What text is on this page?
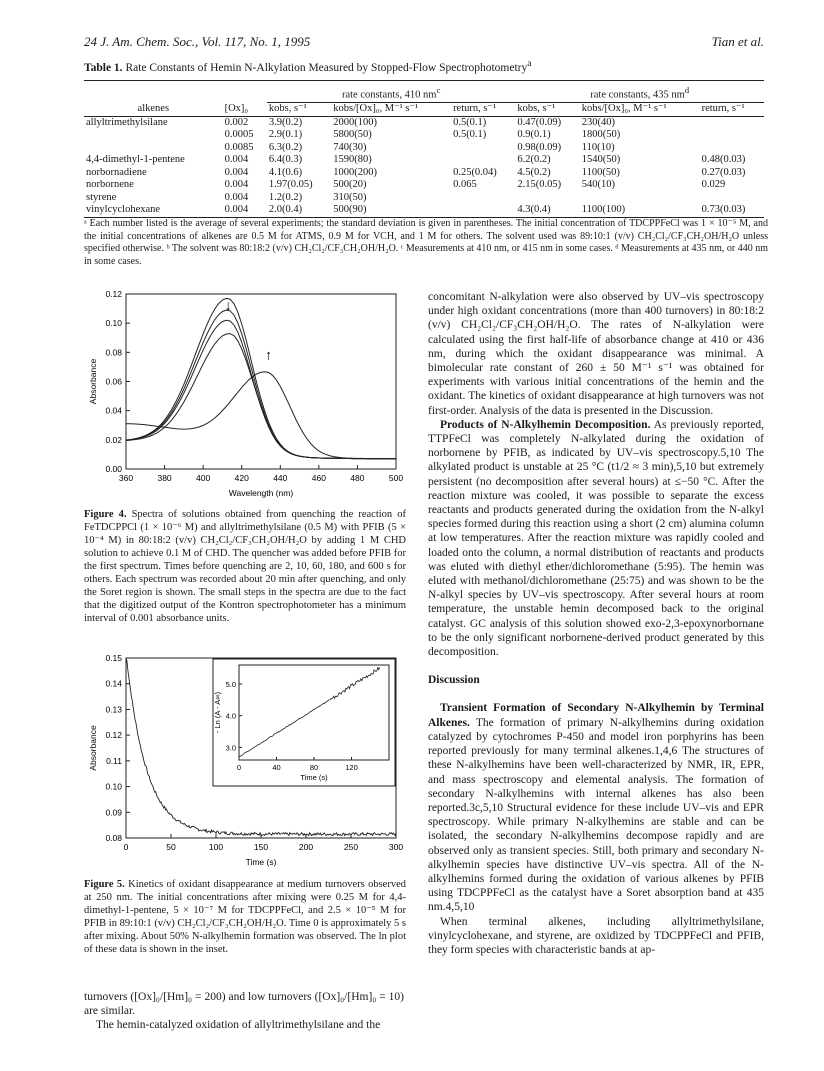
24 J. Am. Chem. Soc., Vol. 117, No. 1, 1995	Tian et al.
Table 1. Rate Constants of Hemin N-Alkylation Measured by Stopped-Flow Spectrophotometry$^a$

		rate constants, 410 $nm^c$			rate constants, 435 $nm^d$
alkenes	[Ox]₀	kobs, s⁻¹	kobs/[Ox]₀, M⁻¹ s⁻¹	return, s⁻¹	kobs, s⁻¹	kobs/[Ox]₀, M⁻¹ s⁻¹	return, s⁻¹
allyltrimethylsilane	0.002	3.9(0.2)	2000(100)	0.5(0.1)	0.47(0.09)	230(40)	
	0.0005	2.9(0.1)	5800(50)	0.5(0.1)	0.9(0.1)	1800(50)	
	0.0085	6.3(0.2)	740(30)		0.98(0.09)	110(10)	
4,4-dimethyl-1-pentene	0.004	6.4(0.3)	1590(80)		6.2(0.2)	1540(50)	0.48(0.03)
norbornadiene	0.004	4.1(0.6)	1000(200)	0.25(0.04)	4.5(0.2)	1100(50)	0.27(0.03)
norbornene	0.004	1.97(0.05)	500(20)	0.065	2.15(0.05)	540(10)	0.029
styrene	0.004	1.2(0.2)	310(50)				
vinylcyclohexane	0.004	2.0(0.4)	500(90)		4.3(0.4)	1100(100)	0.73(0.03)

ᵃ Each number listed is the average of several experiments; the standard deviation is given in parentheses. The initial concentration of TDCPPFeCl was 1 × 10⁻⁵ M, and the initial concentrations of alkenes are 0.5 M for ATMS, 0.9 M for VCH, and 1 M for others. The solvent used was 89:10:1 (v/v) CH₂Cl₂/CF₃CH₂OH/H₂O unless specified otherwise. ᵇ The solvent was 80:18:2 (v/v) CH₂Cl₂/CF₃CH₂OH/H₂O. ᶜ Measurements at 410 nm, or 415 nm in some cases. ᵈ Measurements at 435 nm, or 440 nm in some cases.
360	380	400	420	440	460	480	500
0.00
0.02
0.04
0.06
0.08
0.10
0.12
Wavelength (nm)
Absorbance
↓
↑
Figure 4. Spectra of solutions obtained from quenching the reaction of FeTDCPPCl (1 × 10⁻⁶ M) and allyltrimethylsilane (0.5 M) with PFIB (5 × 10⁻⁴ M) in 80:18:2 (v/v) CH₂Cl₂/CF₃CH₂OH/H₂O by adding 1 M CHD solution to achieve 0.1 M of CHD. The quencher was added before PFIB for the first spectrum. Times before quenching are 2, 10, 60, 180, and 600 s for others. Each spectrum was recorded about 20 min after quenching, and only the Soret region is shown. The small steps in the spectra are due to the fact that the digitized output of the Kontron spectrophotometer has a minimum interval of 0.001 absorbance units.
0	50	100	150	200	250	300
0.08
0.09
0.10
0.11
0.12
0.13
0.14
0.15
Time (s)
Absorbance	0	40	80	120
3.0
4.0
5.0
Time (s)
- Ln (A - A∞)
Figure 5. Kinetics of oxidant disappearance at medium turnovers observed at 250 nm. The initial concentrations after mixing were 0.25 M for 4,4-dimethyl-1-pentene, 5 × 10⁻⁷ M for TDCPPFeCl, and 2.5 × 10⁻⁵ M for PFIB in 89:10:1 (v/v) CH₂Cl₂/CF₃CH₂OH/H₂O. Time 0 is approximately 5 s after mixing. About 50% N-alkylhemin formation was observed. The ln plot of these data is shown in the inset.

turnovers ([Ox]₀/[Hm]₀ = 200) and low turnovers ([Ox]₀/[Hm]₀ = 10) are similar.

The hemin-catalyzed oxidation of allyltrimethylsilane and the

concomitant N-alkylation were also observed by UV–vis spectroscopy under high oxidant concentrations (more than 400 turnovers) in 80:18:2 (v/v) CH₂Cl₂/CF₃CH₂OH/H₂O. The rates of N-alkylation were calculated using the first half-life of absorbance change at 410 or 436 nm, during which the oxidant disappearance was minimal. A bimolecular rate constant of 260 ± 50 M⁻¹ s⁻¹ was obtained for experiments with various initial concentrations of the hemin and the oxidant. The kinetics of oxidant disappearance at high turnovers was not first-order. Analysis of the data is presented in the Discussion.

Products of N-Alkylhemin Decomposition. As previously reported, TTPFeCl was completely N-alkylated during the oxidation of norbornene by PFIB, as indicated by UV–vis spectroscopy.5,10 The alkylated product is unstable at 25 °C (t1/2 ≈ 3 min),5,10 but extremely persistent (no decomposition after several hours) at ≤−50 °C. After the reaction mixture was cooled, it was possible to separate the excess reactants and products generated during the oxidation from the N-alkyl species formed during this reaction using a short (2 cm) alumina column at low temperatures. After the reaction mixture was rapidly cooled and loaded onto the column, a normal distribution of reactants and products was eluted with diethyl ether/dichloromethane (5:95). The hemin was eluted with methanol/dichloromethane (25:75) and was shown to be the N-alkyl species by UV–vis spectroscopy. After several hours at room temperature, the unstable hemin decomposed back to the original catalyst. GC analysis of this solution showed exo-2,3-epoxynorbornane to be the only significant norbornene-derived product generated by this decomposition.

Discussion

Transient Formation of Secondary N-Alkylhemin by Terminal Alkenes. The formation of primary N-alkylhemins during oxidation catalyzed by cytochromes P-450 and model iron porphyrins has been reported previously for many terminal alkenes.1,4,6 The structures of these N-alkylhemins have been well-characterized by NMR, IR, EPR, and mass spectroscopy and elemental analysis. The formation of secondary N-alkylhemins with internal alkenes has also been reported.3c,5,10 Structural evidence for these include UV–vis and EPR spectroscopy. While primary N-alkylhemins are stable and can be isolated, the secondary N-alkylhemins decompose rapidly and are observed only as transient species. Still, both primary and secondary N-alkylhemin species have distinctive UV–vis spectra. All of the N-alkylhemins formed during the oxidation of various alkenes by PFIB using TDCPPFeCl as the catalyst have a Soret absorption band at 435 nm.4,5,10

When terminal alkenes, including allyltrimethylsilane, vinylcyclohexane, and styrene, are oxidized by TDCPPFeCl and PFIB, they form species with characteristic bands at ap-
